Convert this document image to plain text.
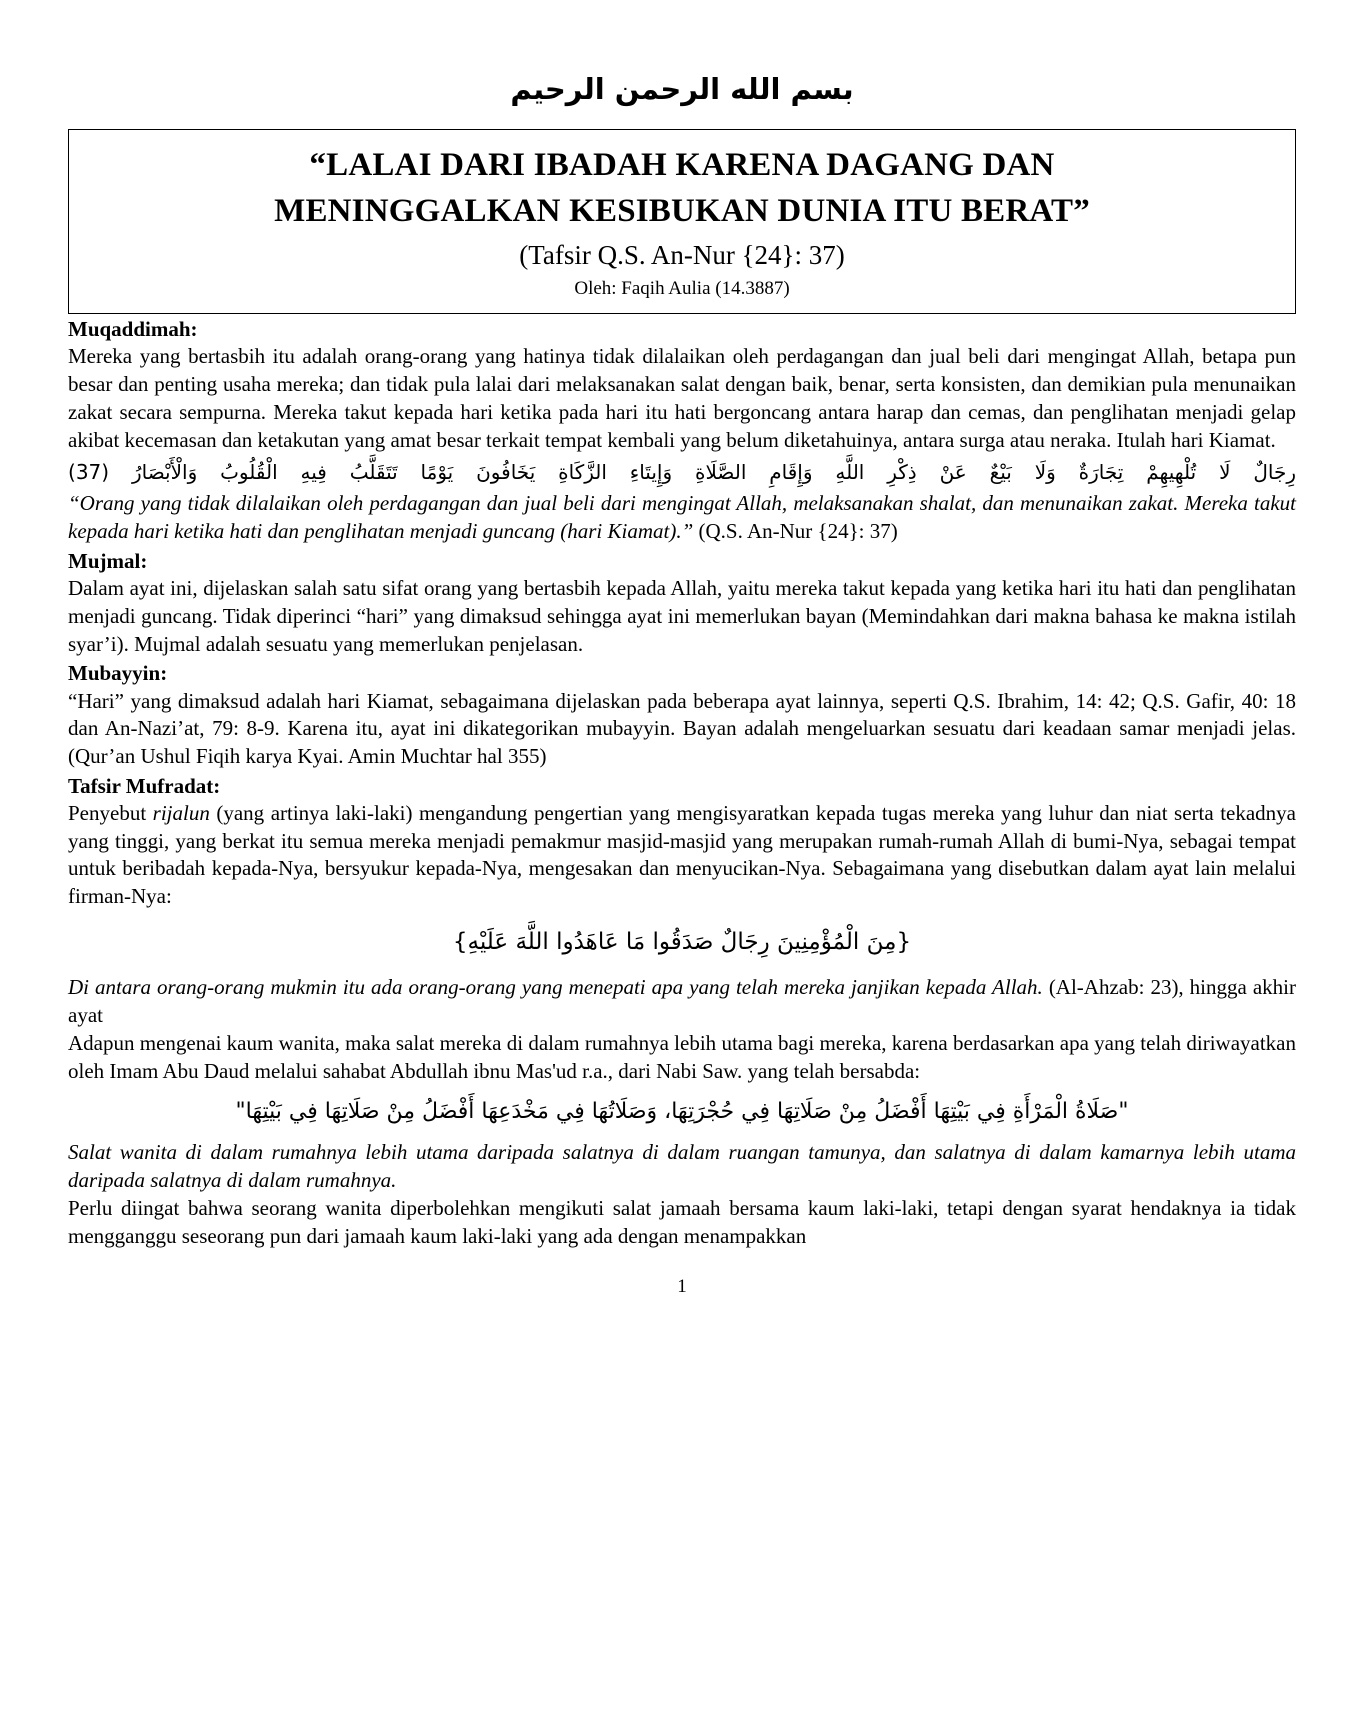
بسم الله الرحمن الرحيم
“LALAI DARI IBADAH KARENA DAGANG DAN
MENINGGALKAN KESIBUKAN DUNIA ITU BERAT”
(Tafsir Q.S. An-Nur {24}: 37)
Oleh: Faqih Aulia (14.3887)
Muqaddimah:

Mereka yang bertasbih itu adalah orang-orang yang hatinya tidak dilalaikan oleh perdagangan dan jual beli dari mengingat Allah, betapa pun besar dan penting usaha mereka; dan tidak pula lalai dari melaksanakan salat dengan baik, benar, serta konsisten, dan demikian pula menunaikan zakat secara sempurna. Mereka takut kepada hari ketika pada hari itu hati bergoncang antara harap dan cemas, dan penglihatan menjadi gelap akibat kecemasan dan ketakutan yang amat besar terkait tempat kembali yang belum diketahuinya, antara surga atau neraka. Itulah hari Kiamat.

رِجَالٌ لَا تُلْهِيهِمْ تِجَارَةٌ وَلَا بَيْعٌ عَنْ ذِكْرِ اللَّهِ وَإِقَامِ الصَّلَاةِ وَإِيتَاءِ الزَّكَاةِ يَخَافُونَ يَوْمًا تَتَقَلَّبُ فِيهِ الْقُلُوبُ وَالْأَبْصَارُ (37)

“Orang yang tidak dilalaikan oleh perdagangan dan jual beli dari mengingat Allah, melaksanakan shalat, dan menunaikan zakat. Mereka takut kepada hari ketika hati dan penglihatan menjadi guncang (hari Kiamat).” (Q.S. An-Nur {24}: 37)

Mujmal:

Dalam ayat ini, dijelaskan salah satu sifat orang yang bertasbih kepada Allah, yaitu mereka takut kepada yang ketika hari itu hati dan penglihatan menjadi guncang. Tidak diperinci “hari” yang dimaksud sehingga ayat ini memerlukan bayan (Memindahkan dari makna bahasa ke makna istilah syar’i). Mujmal adalah sesuatu yang memerlukan penjelasan.

Mubayyin:

“Hari” yang dimaksud adalah hari Kiamat, sebagaimana dijelaskan pada beberapa ayat lainnya, seperti Q.S. Ibrahim, 14: 42; Q.S. Gafir, 40: 18 dan An-Nazi’at, 79: 8-9. Karena itu, ayat ini dikategorikan mubayyin. Bayan adalah mengeluarkan sesuatu dari keadaan samar menjadi jelas. (Qur’an Ushul Fiqih karya Kyai. Amin Muchtar hal 355)

Tafsir Mufradat:

Penyebut rijalun (yang artinya laki-laki) mengandung pengertian yang mengisyaratkan kepada tugas mereka yang luhur dan niat serta tekadnya yang tinggi, yang berkat itu semua mereka menjadi pemakmur masjid-masjid yang merupakan rumah-rumah Allah di bumi-Nya, sebagai tempat untuk beribadah kepada-Nya, bersyukur kepada-Nya, mengesakan dan menyucikan-Nya. Sebagaimana yang disebutkan dalam ayat lain melalui firman-Nya:

{مِنَ الْمُؤْمِنِينَ رِجَالٌ صَدَقُوا مَا عَاهَدُوا اللَّهَ عَلَيْهِ}

Di antara orang-orang mukmin itu ada orang-orang yang menepati apa yang telah mereka janjikan kepada Allah. (Al-Ahzab: 23), hingga akhir ayat

Adapun mengenai kaum wanita, maka salat mereka di dalam rumahnya lebih utama bagi mereka, karena berdasarkan apa yang telah diriwayatkan oleh Imam Abu Daud melalui sahabat Abdullah ibnu Mas'ud r.a., dari Nabi Saw. yang telah bersabda:

"صَلَاةُ الْمَرْأَةِ فِي بَيْتِهَا أَفْضَلُ مِنْ صَلَاتِهَا فِي حُجْرَتِهَا، وَصَلَاتُهَا فِي مَخْدَعِهَا أَفْضَلُ مِنْ صَلَاتِهَا فِي بَيْتِهَا"

Salat wanita di dalam rumahnya lebih utama daripada salatnya di dalam ruangan tamunya, dan salatnya di dalam kamarnya lebih utama daripada salatnya di dalam rumahnya.

Perlu diingat bahwa seorang wanita diperbolehkan mengikuti salat jamaah bersama kaum laki-laki, tetapi dengan syarat hendaknya ia tidak mengganggu seseorang pun dari jamaah kaum laki-laki yang ada dengan menampakkan

1
